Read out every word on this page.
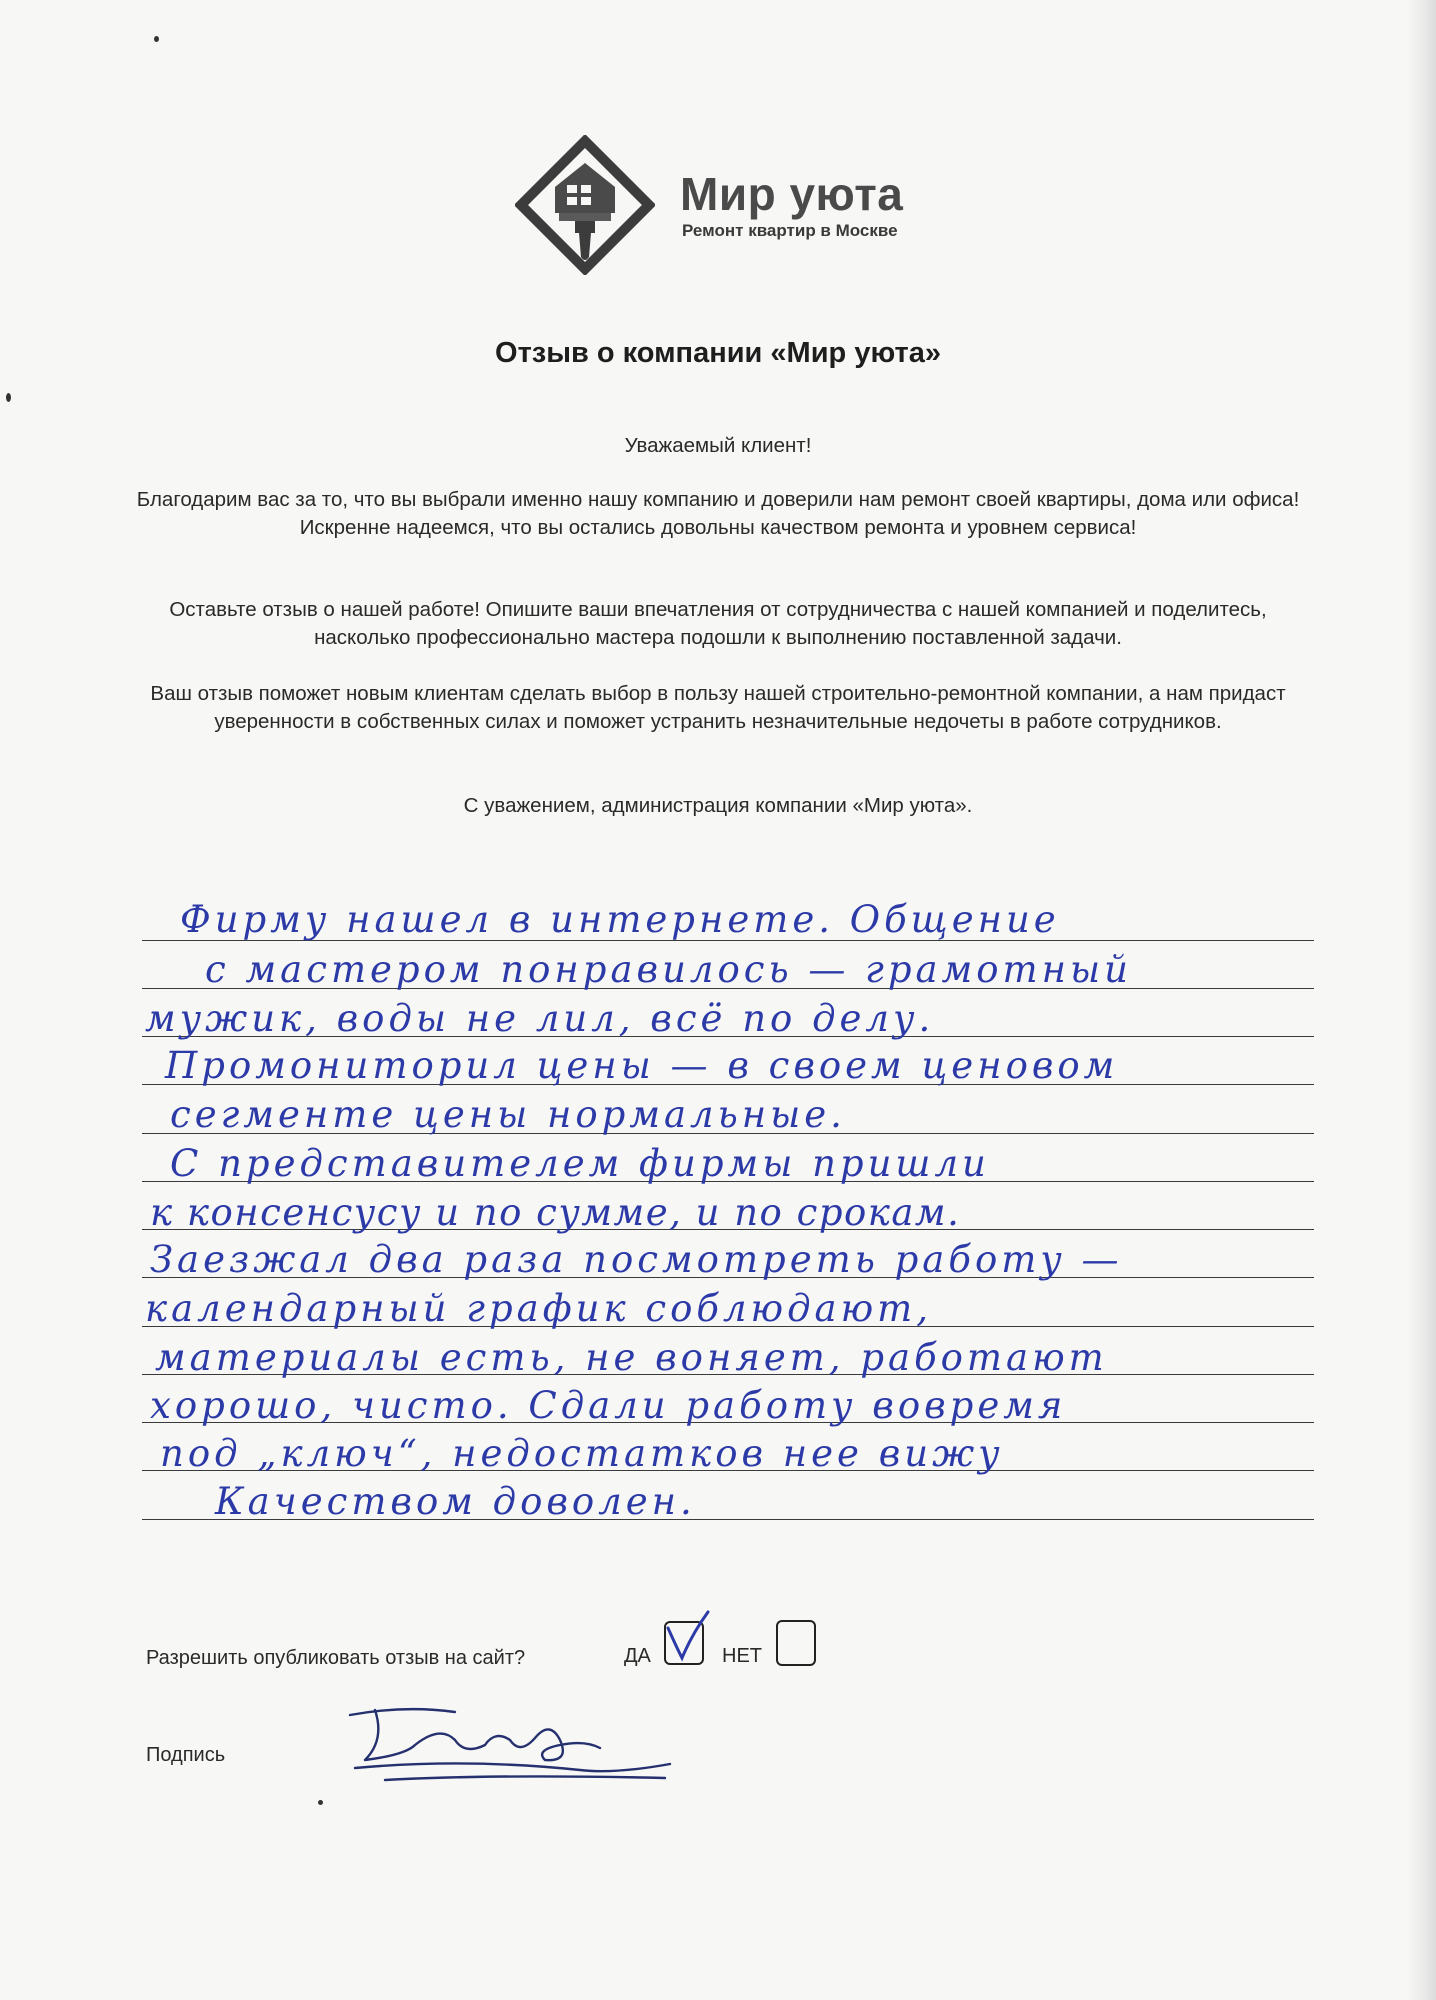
Мир уюта
Ремонт квартир в Москве
Отзыв о компании «Мир уюта»
Уважаемый клиент!
Благодарим вас за то, что вы выбрали именно нашу компанию и доверили нам ремонт своей квартиры, дома или офиса! Искренне надеемся, что вы остались довольны качеством ремонта и уровнем сервиса!
Оставьте отзыв о нашей работе! Опишите ваши впечатления от сотрудничества с нашей компанией и поделитесь, насколько профессионально мастера подошли к выполнению поставленной задачи.
Ваш отзыв поможет новым клиентам сделать выбор в пользу нашей строительно-ремонтной компании, а нам придаст уверенности в собственных силах и поможет устранить незначительные недочеты в работе сотрудников.
С уважением, администрация компании «Мир уюта».
Фирму нашел в интернете. Общение
с мастером понравилось — грамотный
мужик, воды не лил, всё по делу.
Промониторил цены — в своем ценовом
сегменте цены нормальные.
С представителем фирмы пришли
к консенсусу и по сумме, и по срокам.
Заезжал два раза посмотреть работу —
календарный график соблюдают,
материалы есть, не воняет, работают
хорошо, чисто. Сдали работу вовремя
под „ключ“, недостатков нее вижу
Качеством доволен.
Разрешить опубликовать отзыв на сайт?	ДА	НЕТ
Подпись
